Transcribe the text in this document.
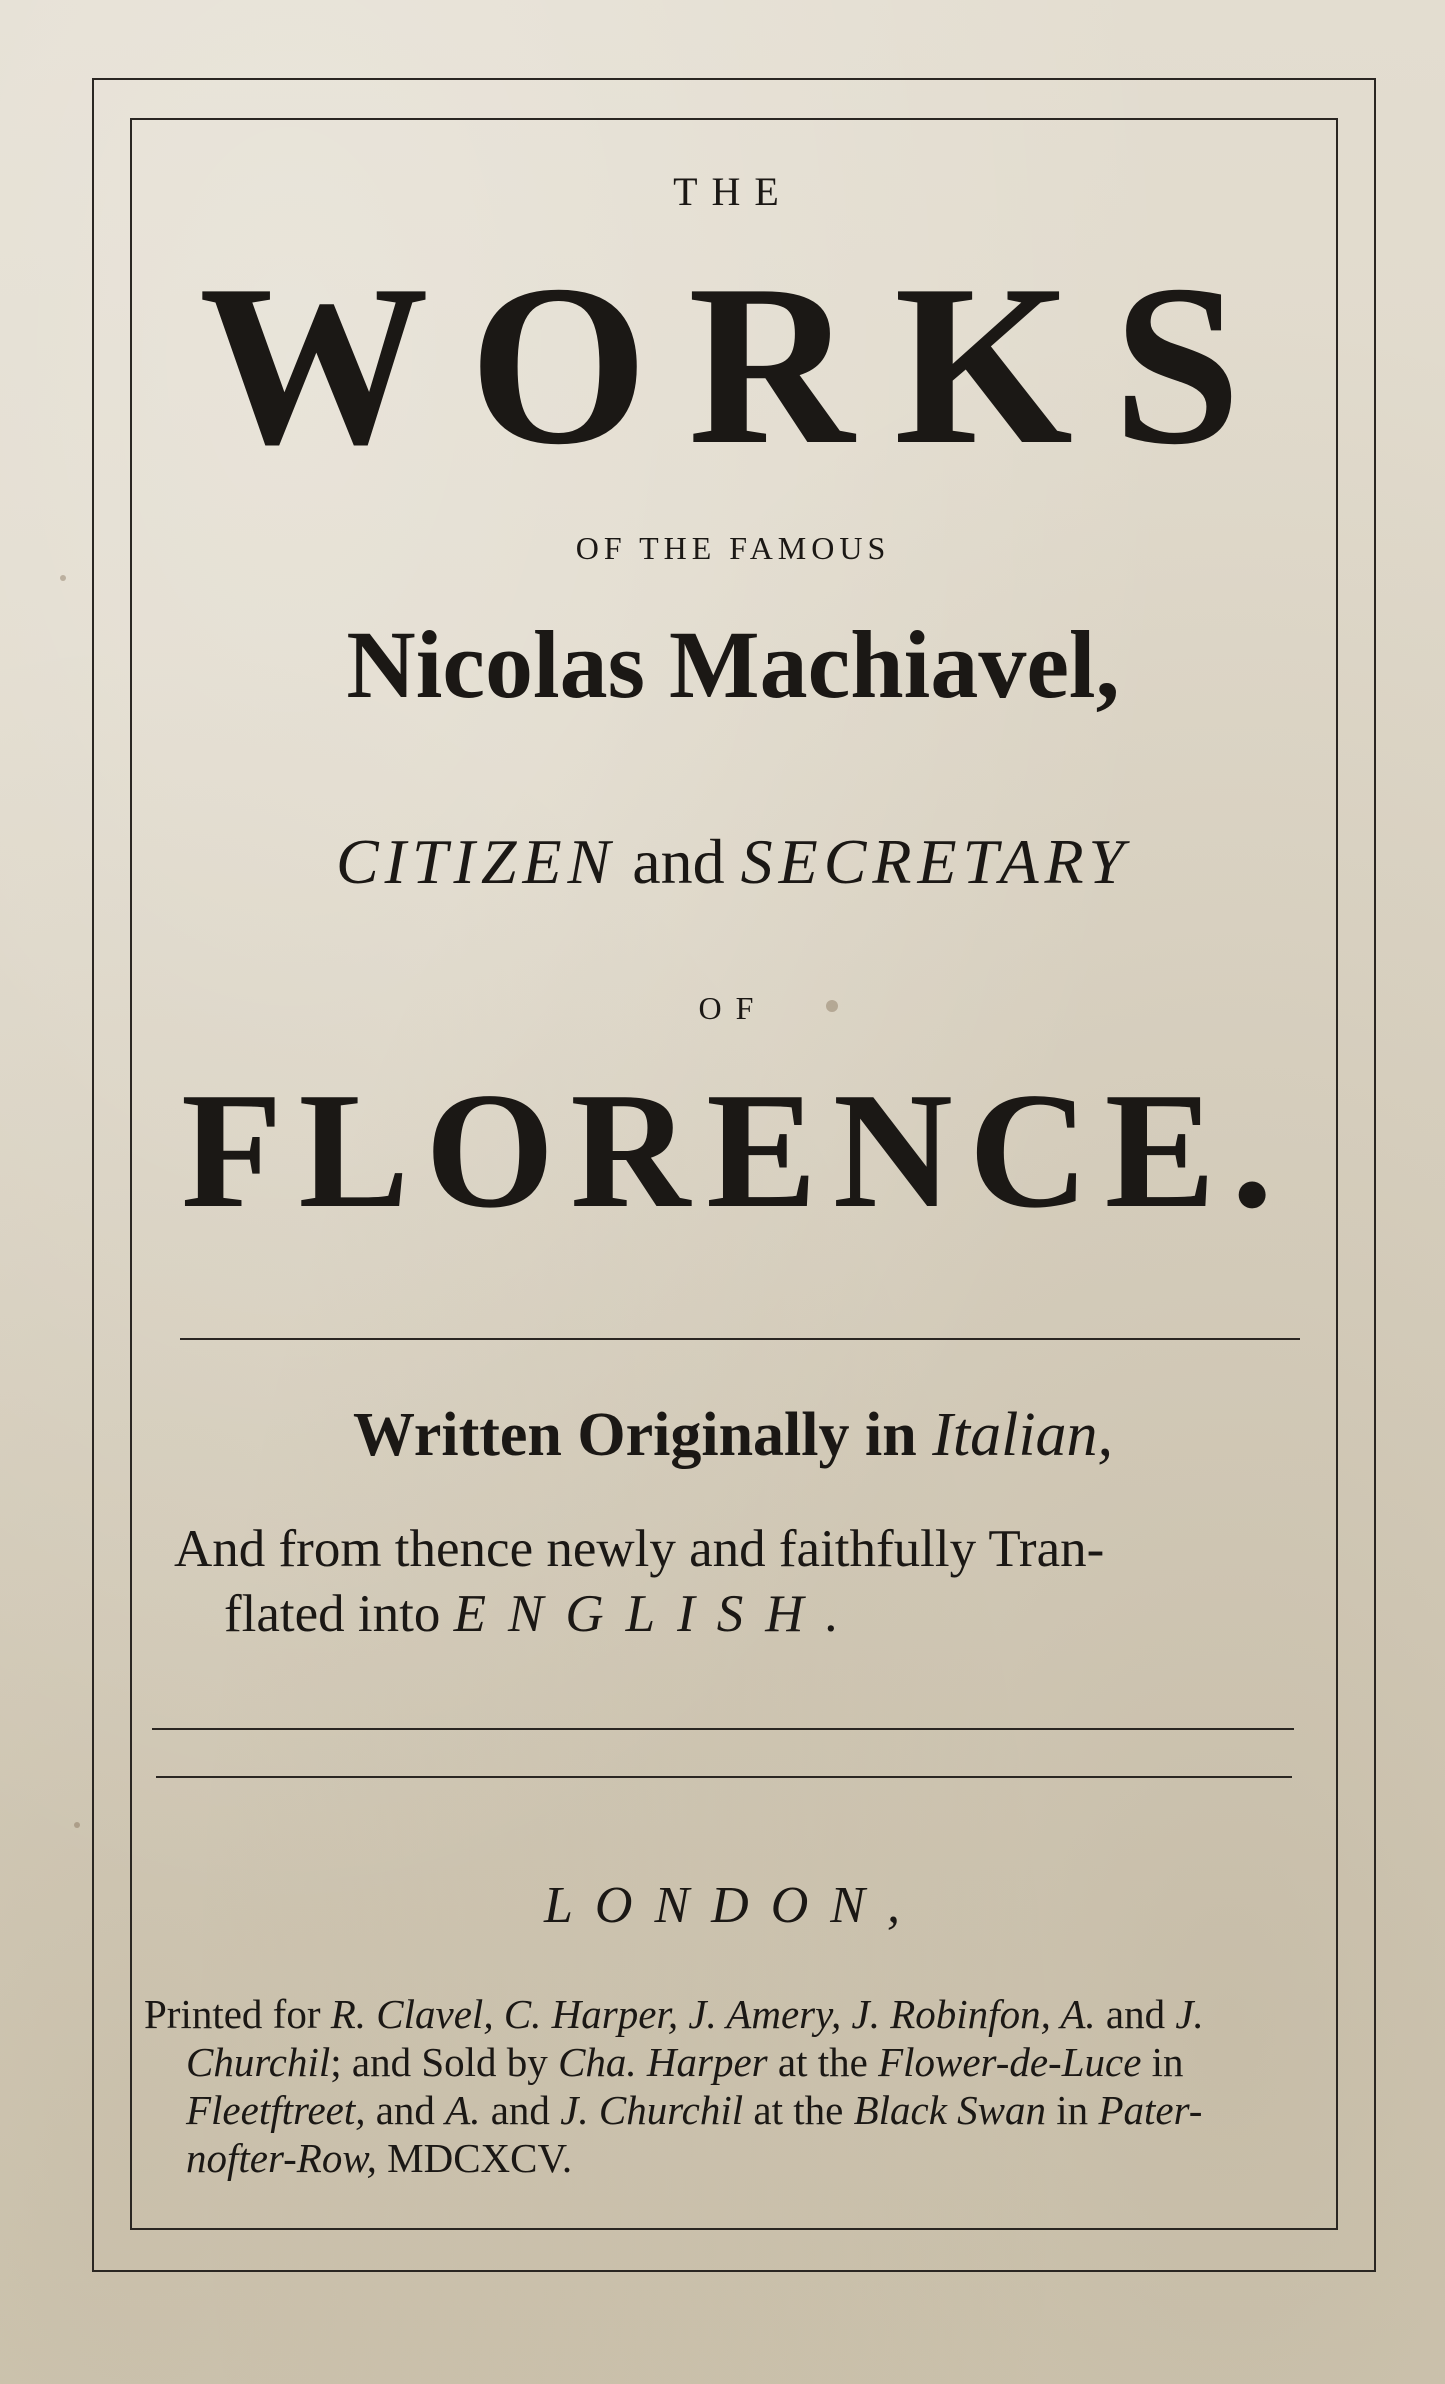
THE
WORKS
OF THE FAMOUS
Nicolas Machiavel,
CITIZEN and SECRETARY
OF
FLORENCE.
Written Originally in Italian,
And from thence newly and faithfully Tran-
flated into ENGLISH.
LONDON,
Printed for R. Clavel, C. Harper, J. Amery, J. Robinfon, A. and J.
Churchil; and Sold by Cha. Harper at the Flower-de-Luce in
Fleetftreet, and A. and J. Churchil at the Black Swan in Pater-
nofter-Row, MDCXCV.
